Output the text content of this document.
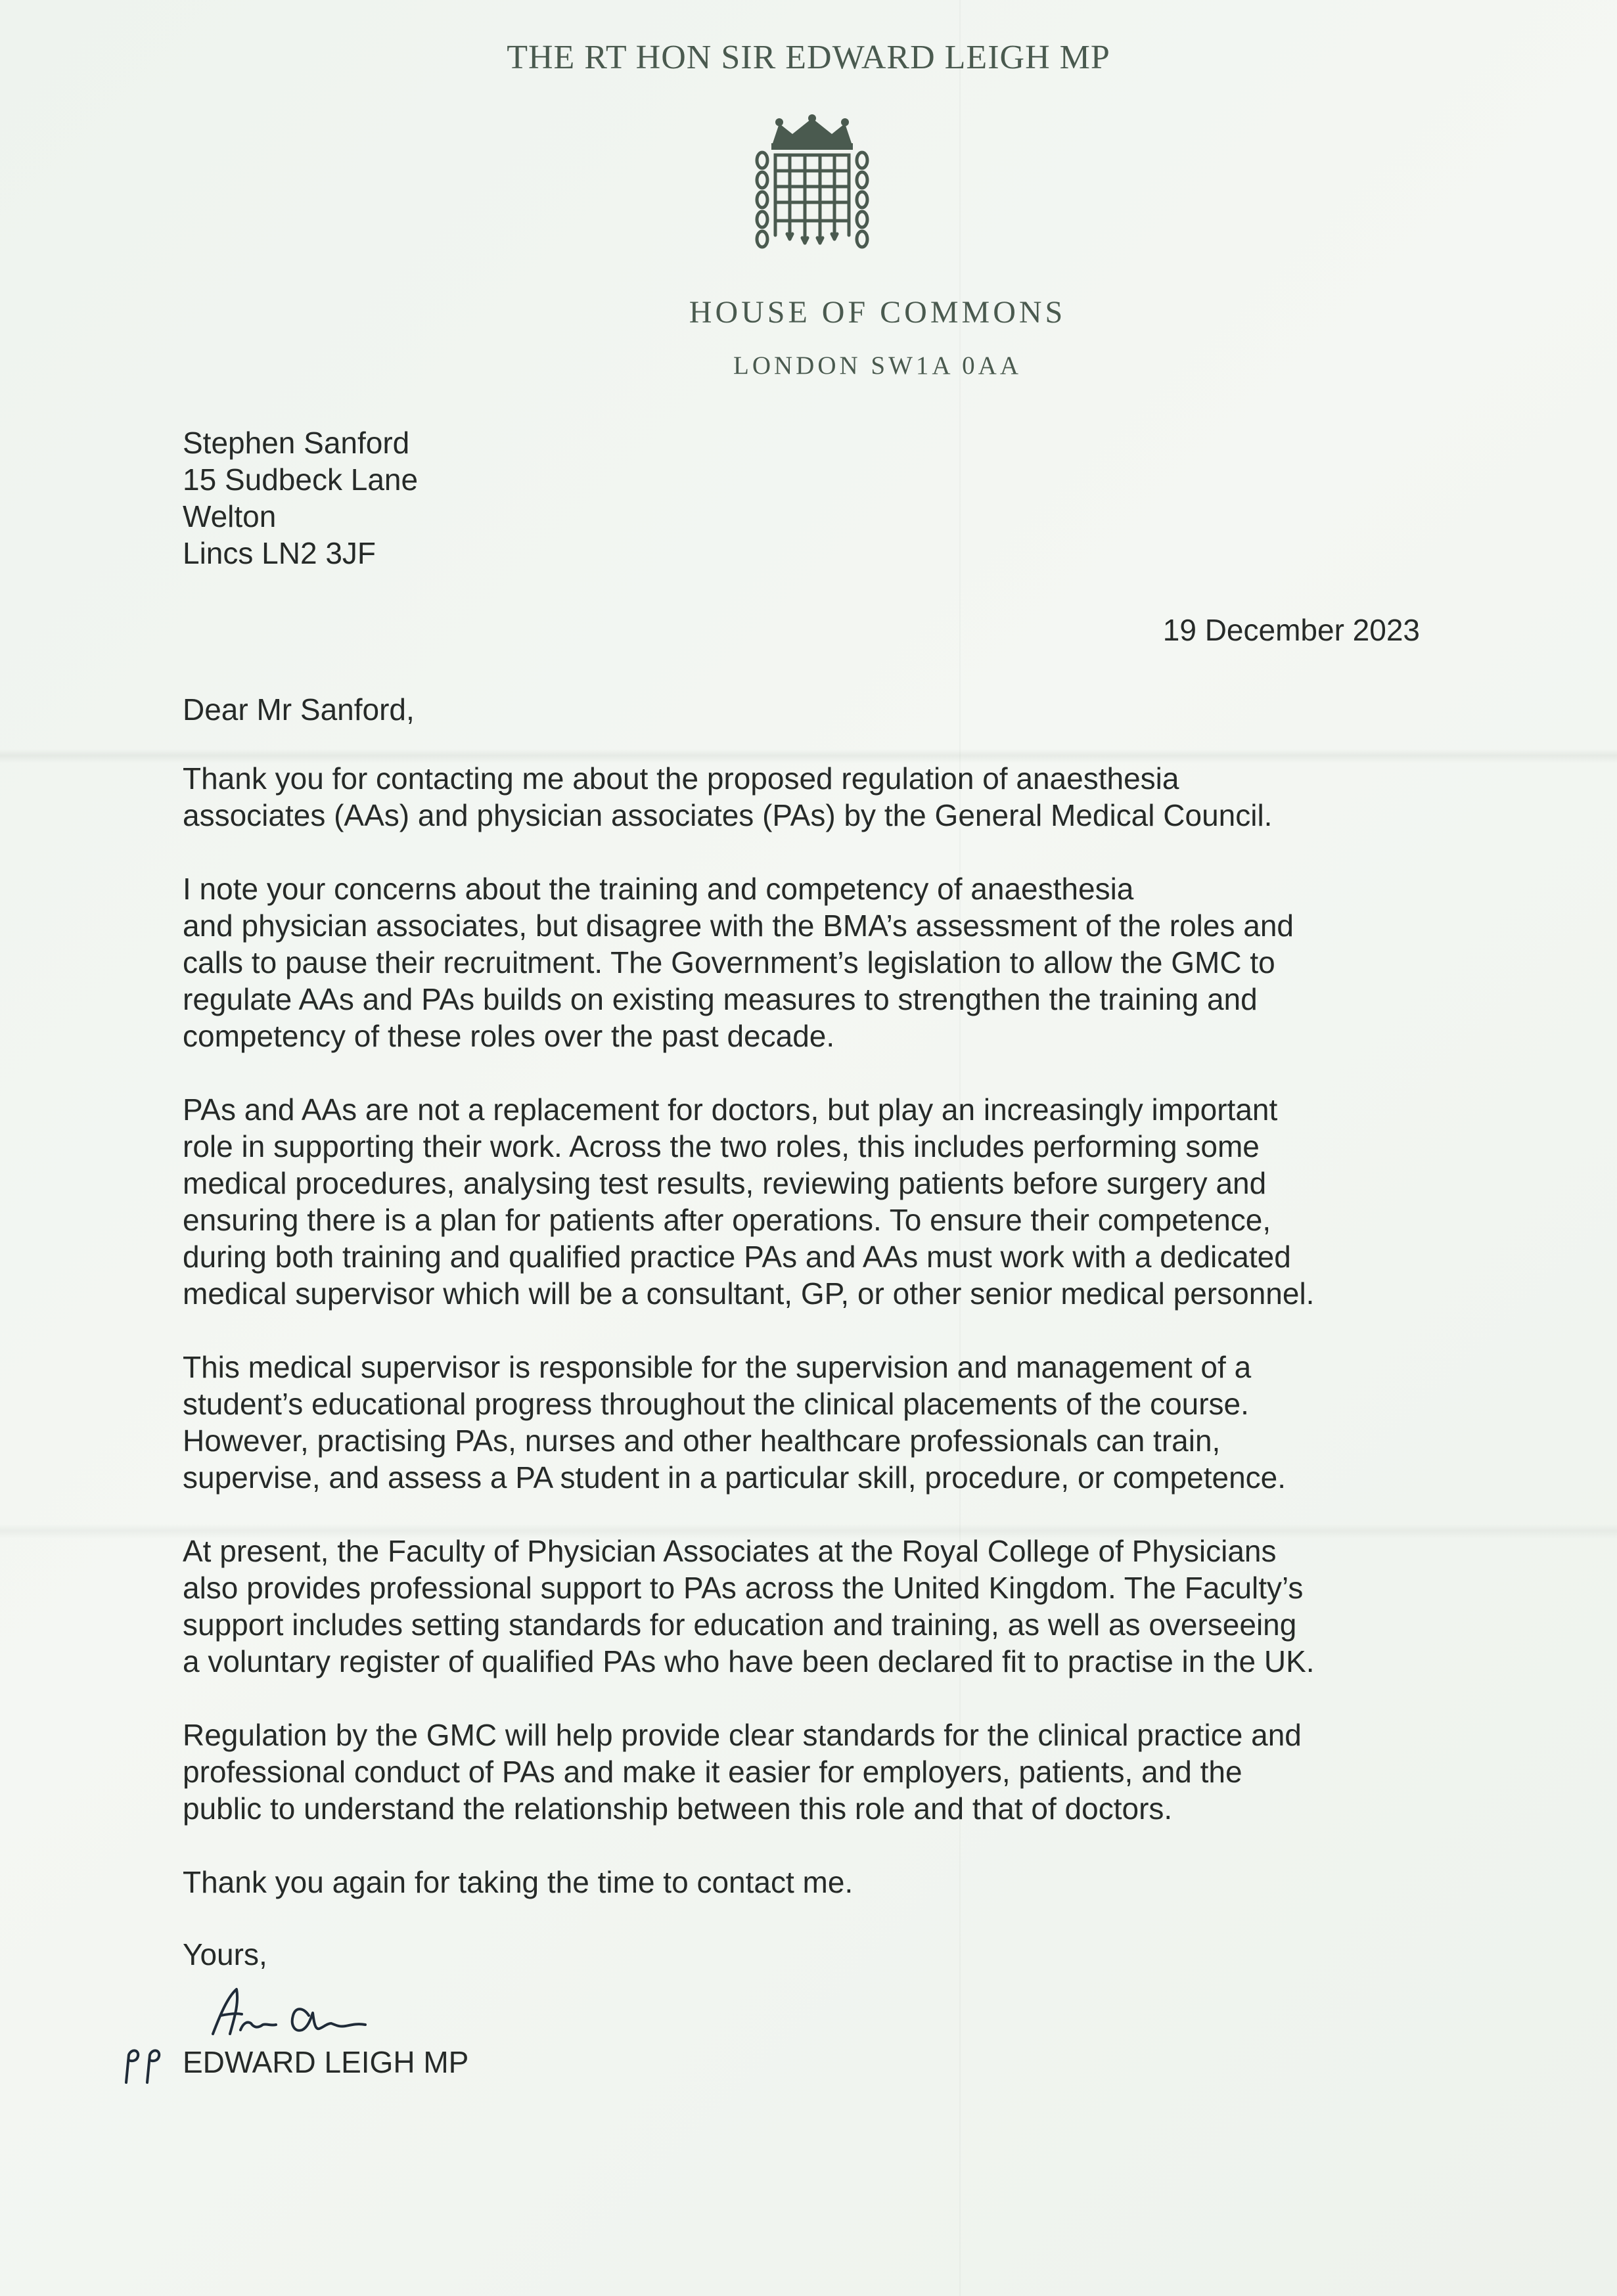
THE RT HON SIR EDWARD LEIGH MP
HOUSE OF COMMONS
LONDON SW1A 0AA
Stephen Sanford
15 Sudbeck Lane
Welton
Lincs LN2 3JF
19 December 2023
Dear Mr Sanford,

Thank you for contacting me about the proposed regulation of anaesthesia
associates (AAs) and physician associates (PAs) by the General Medical Council.

I note your concerns about the training and competency of anaesthesia
and physician associates, but disagree with the BMA’s assessment of the roles and
calls to pause their recruitment. The Government’s legislation to allow the GMC to
regulate AAs and PAs builds on existing measures to strengthen the training and
competency of these roles over the past decade.

PAs and AAs are not a replacement for doctors, but play an increasingly important
role in supporting their work. Across the two roles, this includes performing some
medical procedures, analysing test results, reviewing patients before surgery and
ensuring there is a plan for patients after operations. To ensure their competence,
during both training and qualified practice PAs and AAs must work with a dedicated
medical supervisor which will be a consultant, GP, or other senior medical personnel.

This medical supervisor is responsible for the supervision and management of a
student’s educational progress throughout the clinical placements of the course.
However, practising PAs, nurses and other healthcare professionals can train,
supervise, and assess a PA student in a particular skill, procedure, or competence.

At present, the Faculty of Physician Associates at the Royal College of Physicians
also provides professional support to PAs across the United Kingdom. The Faculty’s
support includes setting standards for education and training, as well as overseeing
a voluntary register of qualified PAs who have been declared fit to practise in the UK.

Regulation by the GMC will help provide clear standards for the clinical practice and
professional conduct of PAs and make it easier for employers, patients, and the
public to understand the relationship between this role and that of doctors.

Thank you again for taking the time to contact me.
Yours,
EDWARD LEIGH MP
